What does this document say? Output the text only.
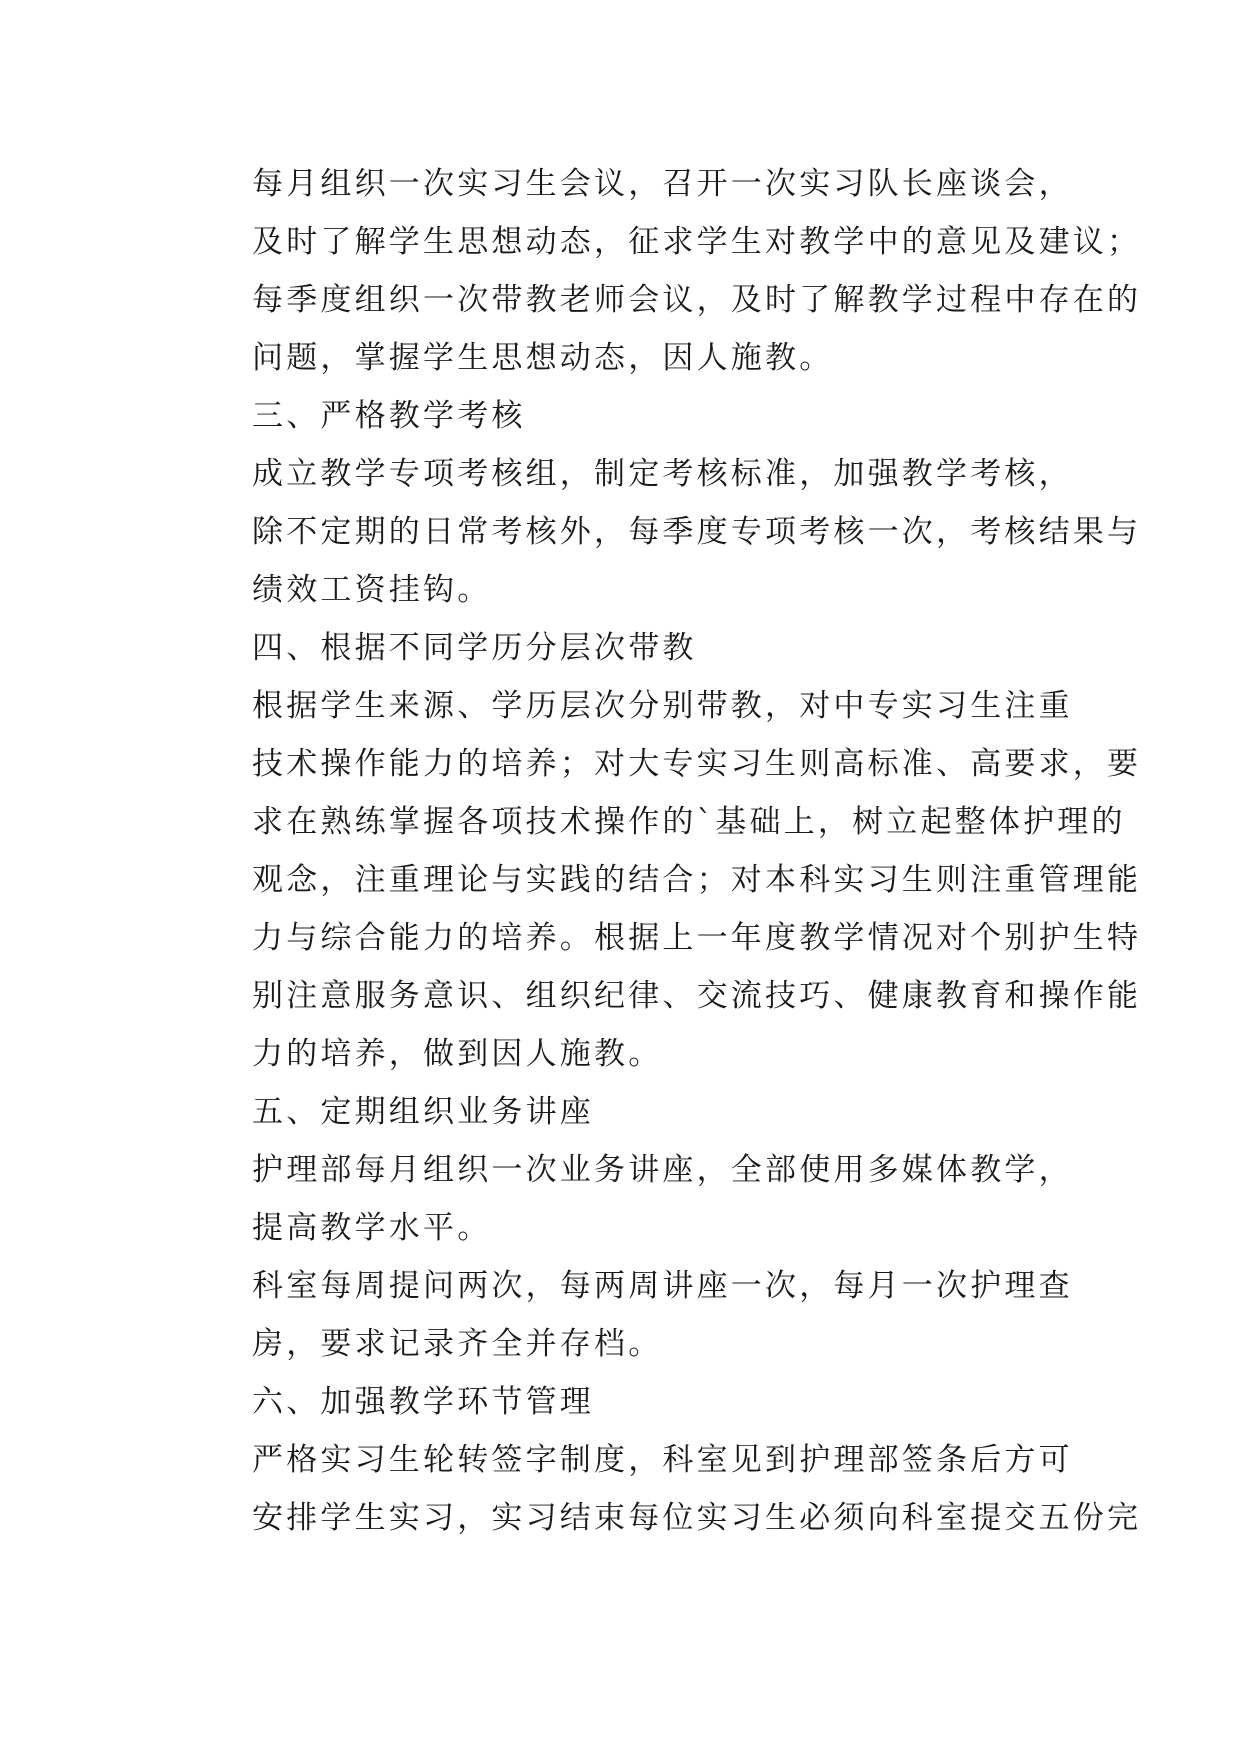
每月组织一次实习生会议，召开一次实习队长座谈会，
及时了解学生思想动态，征求学生对教学中的意见及建议；
每季度组织一次带教老师会议，及时了解教学过程中存在的
问题，掌握学生思想动态，因人施教。

三、严格教学考核

成立教学专项考核组，制定考核标准，加强教学考核，
除不定期的日常考核外，每季度专项考核一次，考核结果与
绩效工资挂钩。

四、根据不同学历分层次带教

根据学生来源、学历层次分别带教，对中专实习生注重
技术操作能力的培养；对大专实习生则高标准、高要求，要
求在熟练掌握各项技术操作的`基础上，树立起整体护理的
观念，注重理论与实践的结合；对本科实习生则注重管理能
力与综合能力的培养。根据上一年度教学情况对个别护生特
别注意服务意识、组织纪律、交流技巧、健康教育和操作能
力的培养，做到因人施教。

五、定期组织业务讲座

护理部每月组织一次业务讲座，全部使用多媒体教学，
提高教学水平。

科室每周提问两次，每两周讲座一次，每月一次护理查
房，要求记录齐全并存档。

六、加强教学环节管理

严格实习生轮转签字制度，科室见到护理部签条后方可
安排学生实习，实习结束每位实习生必须向科室提交五份完
